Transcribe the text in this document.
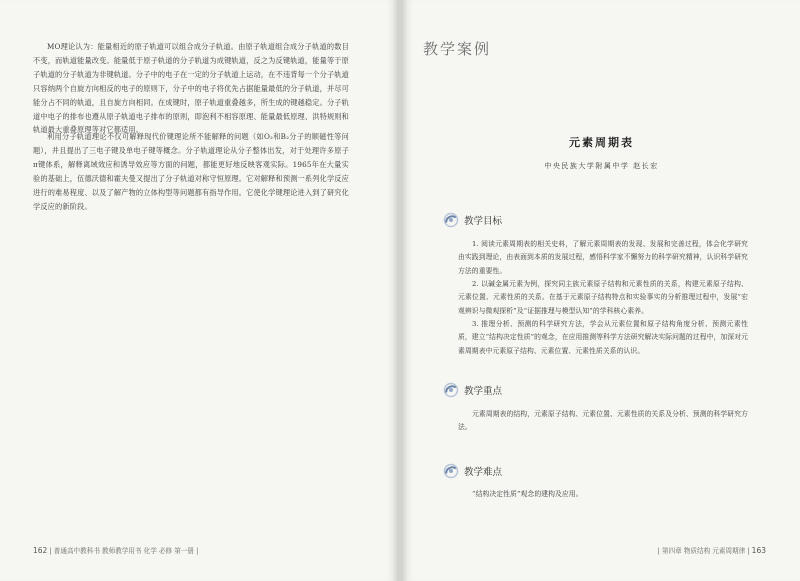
MO理论认为：能量相近的原子轨道可以组合成分子轨道。由原子轨道组合成分子轨道的数目不变，而轨道能量改变。能量低于原子轨道的分子轨道为成键轨道，反之为反键轨道，能量等于原子轨道的分子轨道为非键轨道。分子中的电子在一定的分子轨道上运动，在不违背每一个分子轨道只容纳两个自旋方向相反的电子的原则下，分子中的电子将优先占据能量最低的分子轨道，并尽可能分占不同的轨道，且自旋方向相同。在成键时，原子轨道重叠越多，所生成的键越稳定。分子轨道中电子的排布也遵从原子轨道电子排布的原则，即泡利不相容原理、能量最低原理、洪特规则和轨道最大重叠原理等对它都适用。

利用分子轨道理论不仅可解释现代价键理论所不能解释的问题（如O₂和B₂分子的顺磁性等问题），并且提出了三电子键及单电子键等概念。分子轨道理论从分子整体出发，对于处理许多原子π键体系，解释离域效应和诱导效应等方面的问题，都能更好地反映客观实际。1965年在大量实验的基础上，伍德沃德和霍夫曼又提出了分子轨道对称守恒原理。它对解释和预测一系列化学反应进行的难易程度、以及了解产物的立体构型等问题都有指导作用。它使化学键理论进入到了研究化学反应的新阶段。

162 | 普通高中教科书 教师教学用书 化学 必修 第一册 |
教学案例
元素周期表
中央民族大学附属中学 赵长宏
教学目标

1. 阅读元素周期表的相关史料，了解元素周期表的发现、发展和完善过程，体会化学研究由实践到理论，由表面到本质的发展过程，感悟科学家不懈努力的科学研究精神，认识科学研究方法的重要性。

2. 以碱金属元素为例，探究同主族元素原子结构和元素性质的关系，构建元素原子结构、元素位置、元素性质的关系。在基于元素原子结构特点和实验事实的分析推理过程中，发展“宏观辨识与微观探析”及“证据推理与模型认知”的学科核心素养。

3. 推理分析、预测的科学研究方法，学会从元素位置和原子结构角度分析、预测元素性质，建立“结构决定性质”的观念，在应用推测等科学方法研究解决实际问题的过程中，加深对元素周期表中元素原子结构、元素位置、元素性质关系的认识。

教学重点

元素周期表的结构，元素原子结构、元素位置、元素性质的关系及分析、预测的科学研究方法。

教学难点

“结构决定性质”观念的建构及应用。

| 第四章 物质结构 元素周期律 | 163
